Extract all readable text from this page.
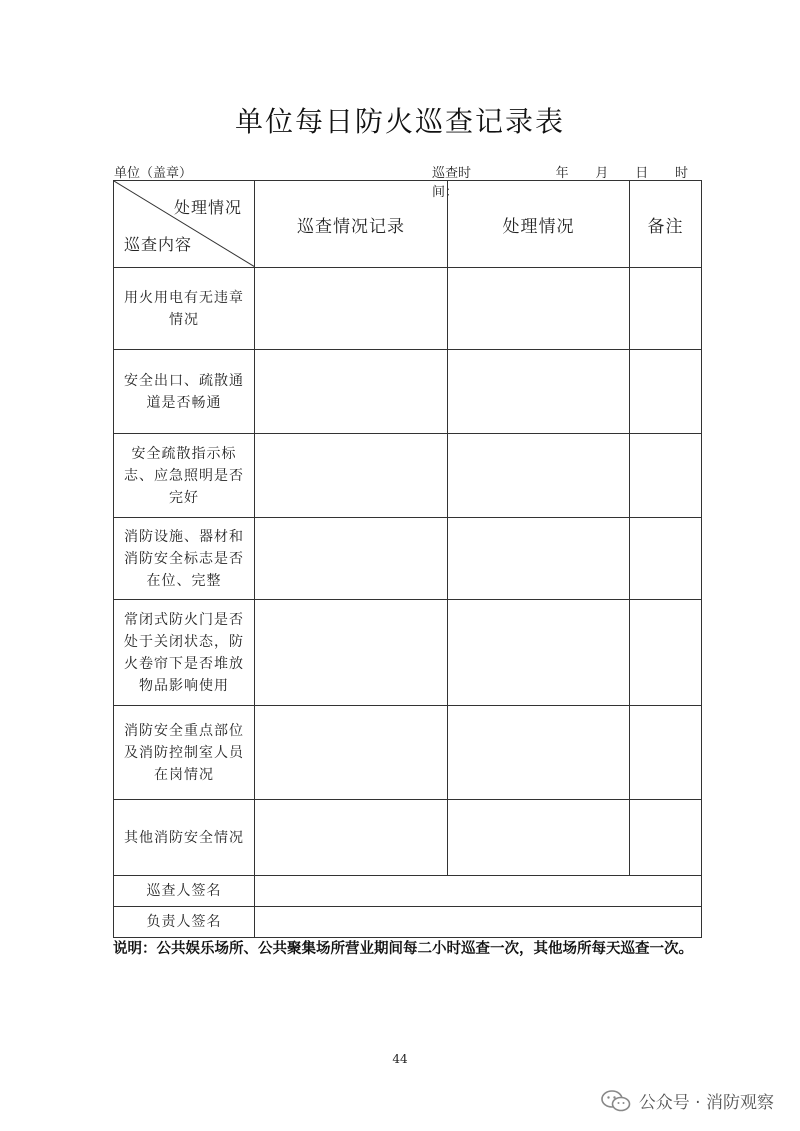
单位每日防火巡查记录表
单位（盖章）	巡查时间：
年	月	日	时
处理情况
巡查内容	巡查情况记录	处理情况	备注
用火用电有无违章情况			
安全出口、疏散通道是否畅通			
安全疏散指示标志、应急照明是否完好			
消防设施、器材和消防安全标志是否在位、完整			
常闭式防火门是否处于关闭状态，防火卷帘下是否堆放物品影响使用			
消防安全重点部位及消防控制室人员在岗情况			
其他消防安全情况			
巡查人签名			
负责人签名			
说明：公共娱乐场所、公共聚集场所营业期间每二小时巡查一次，其他场所每天巡查一次。
44
公众号 · 消防观察
